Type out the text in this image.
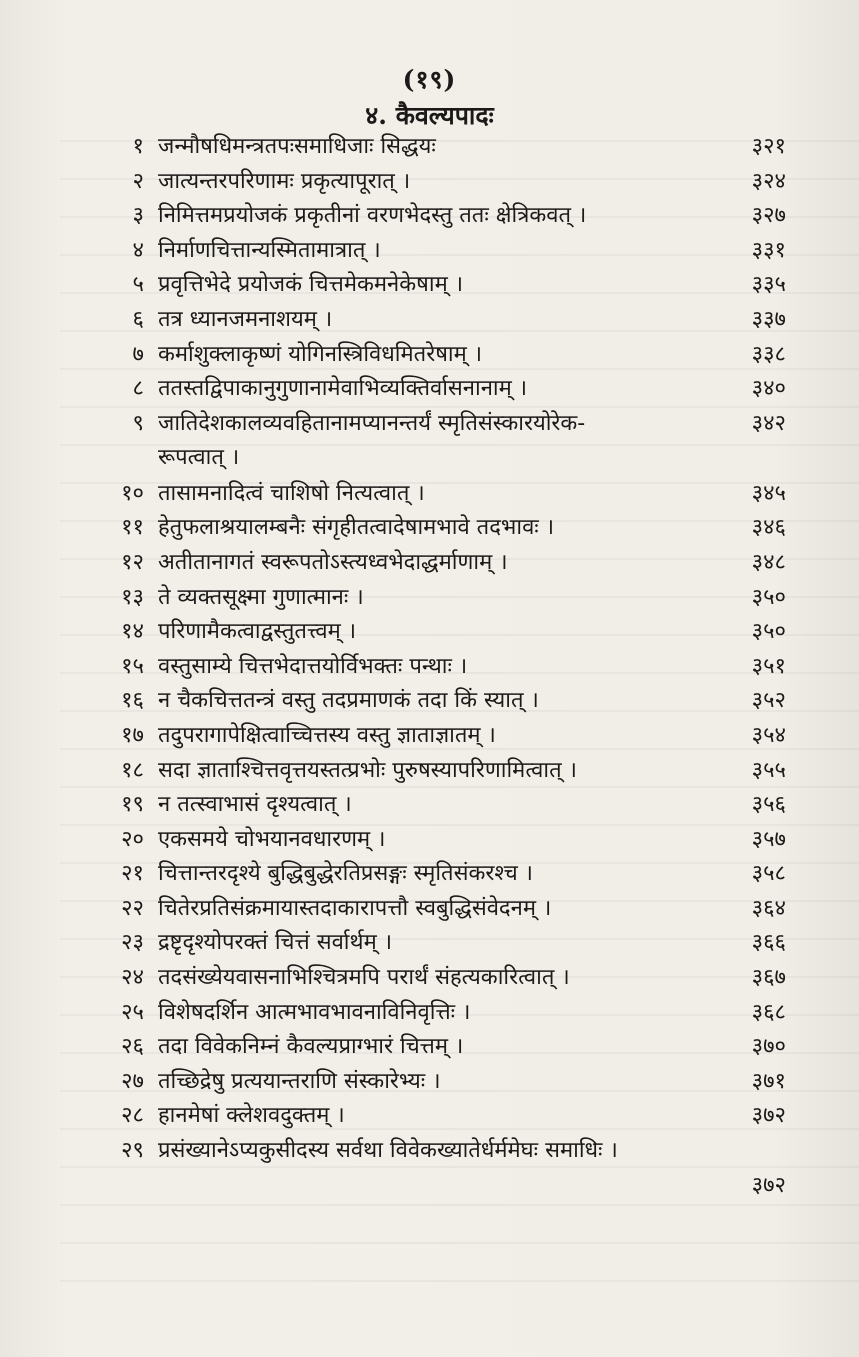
(१९)
४. कैवल्यपादः
१ जन्मौषधिमन्त्रतपःसमाधिजाः सिद्धयः	३२१
२ जात्यन्तरपरिणामः प्रकृत्यापूरात् ।	३२४
३ निमित्तमप्रयोजकं प्रकृतीनां वरणभेदस्तु ततः क्षेत्रिकवत् ।	३२७
४ निर्माणचित्तान्यस्मितामात्रात् ।	३३१
५ प्रवृत्तिभेदे प्रयोजकं चित्तमेकमनेकेषाम् ।	३३५
६ तत्र ध्यानजमनाशयम् ।	३३७
७ कर्माशुक्लाकृष्णं योगिनस्त्रिविधमितरेषाम् ।	३३८
८ ततस्तद्विपाकानुगुणानामेवाभिव्यक्तिर्वासनानाम् ।	३४०
९ जातिदेशकालव्यवहितानामप्यानन्तर्यं स्मृतिसंस्कारयोरेक-
रूपत्वात् ।
३४२
१० तासामनादित्वं चाशिषो नित्यत्वात् ।	३४५
११ हेतुफलाश्रयालम्बनैः संगृहीतत्वादेषामभावे तदभावः ।	३४६
१२ अतीतानागतं स्वरूपतोऽस्त्यध्वभेदाद्धर्माणाम् ।	३४८
१३ ते व्यक्तसूक्ष्मा गुणात्मानः ।	३५०
१४ परिणामैकत्वाद्वस्तुतत्त्वम् ।	३५०
१५ वस्तुसाम्ये चित्तभेदात्तयोर्विभक्तः पन्थाः ।	३५१
१६ न चैकचित्ततन्त्रं वस्तु तदप्रमाणकं तदा किं स्यात् ।	३५२
१७ तदुपरागापेक्षित्वाच्चित्तस्य वस्तु ज्ञाताज्ञातम् ।	३५४
१८ सदा ज्ञाताश्चित्तवृत्तयस्तत्प्रभोः पुरुषस्यापरिणामित्वात् ।	३५५
१९ न तत्स्वाभासं दृश्यत्वात् ।	३५६
२० एकसमये चोभयानवधारणम् ।	३५७
२१ चित्तान्तरदृश्ये बुद्धिबुद्धेरतिप्रसङ्गः स्मृतिसंकरश्च ।	३५८
२२ चितेरप्रतिसंक्रमायास्तदाकारापत्तौ स्वबुद्धिसंवेदनम् ।	३६४
२३ द्रष्टृदृश्योपरक्तं चित्तं सर्वार्थम् ।	३६६
२४ तदसंख्येयवासनाभिश्चित्रमपि परार्थं संहत्यकारित्वात् ।	३६७
२५ विशेषदर्शिन आत्मभावभावनाविनिवृत्तिः ।	३६८
२६ तदा विवेकनिम्नं कैवल्यप्राग्भारं चित्तम् ।	३७०
२७ तच्छिद्रेषु प्रत्ययान्तराणि संस्कारेभ्यः ।	३७१
२८ हानमेषां क्लेशवदुक्तम् ।	३७२
२९ प्रसंख्यानेऽप्यकुसीदस्य सर्वथा विवेकख्यातेर्धर्ममेघः समाधिः ।
३७२
